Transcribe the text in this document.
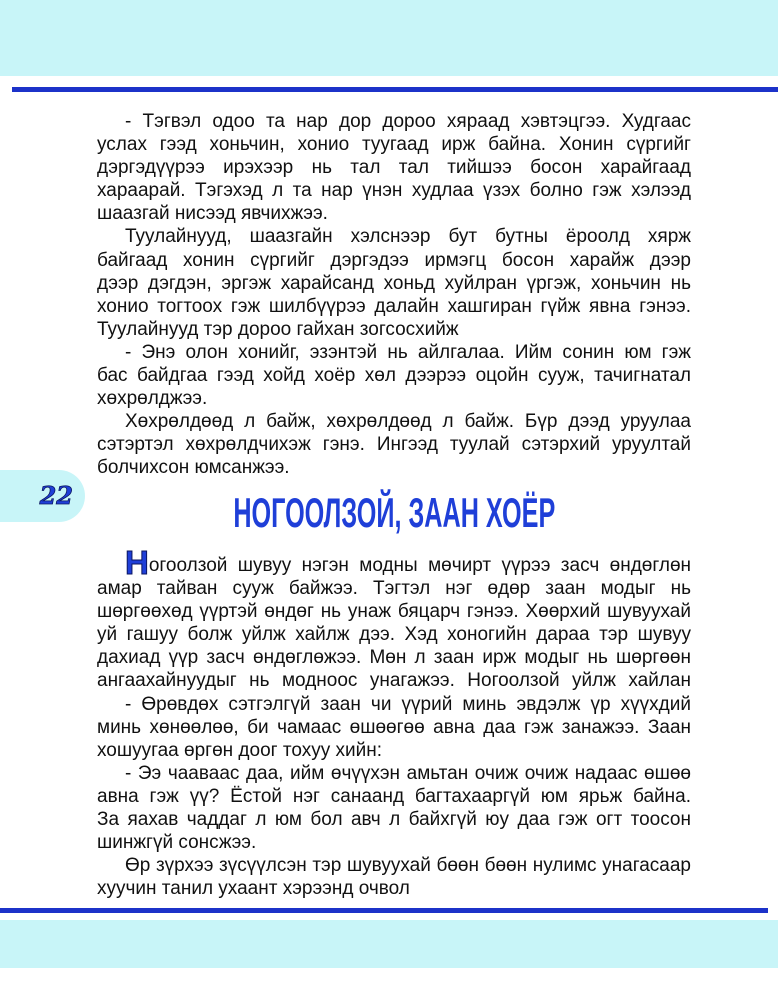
22
- Тэгвэл одоо та нар дор дороо хяраад хэвтэцгээ. Худгаас
услах гээд хоньчин, хонио туугаад ирж байна. Хонин сүргийг
дэргэдүүрээ ирэхээр нь тал тал тийшээ босон харайгаад
хараарай. Тэгэхэд л та нар үнэн худлаа үзэх болно гэж хэлээд
шаазгай нисээд явчихжээ.
Туулайнууд, шаазгайн хэлснээр бут бутны ёроолд хярж
байгаад хонин сүргийг дэргэдээ ирмэгц босон харайж дээр
дээр дэгдэн, эргэж харайсанд хоньд хуйлран үргэж, хоньчин нь
хонио тогтоох гэж шилбүүрээ далайн хашгиран гүйж явна гэнээ.
Туулайнууд тэр дороо гайхан зогсосхийж
- Энэ олон хонийг, эзэнтэй нь айлгалаа. Ийм сонин юм гэж
бас байдгаа гээд хойд хоёр хөл дээрээ оцойн сууж, тачигнатал
хөхрөлджээ.
Хөхрөлдөөд л байж, хөхрөлдөөд л байж. Бүр дээд уруулаа
сэтэртэл хөхрөлдчихэж гэнэ. Ингээд туулай сэтэрхий уруултай
болчихсон юмсанжээ.
НОГООЛЗОЙ, ЗААН ХОЁР
Ногоолзой шувуу нэгэн модны мөчирт үүрээ засч өндөглөн
амар тайван сууж байжээ. Тэгтэл нэг өдөр заан модыг нь
шөргөөхөд үүртэй өндөг нь унаж бяцарч гэнээ. Хөөрхий шувуухай
уй гашуу болж уйлж хайлж дээ. Хэд хоногийн дараа тэр шувуу
дахиад үүр засч өндөглөжээ. Мөн л заан ирж модыг нь шөргөөн
ангаахайнуудыг нь модноос унагажээ. Ногоолзой уйлж хайлан
- Өрөвдөх сэтгэлгүй заан чи үүрий минь эвдэлж үр хүүхдий
минь хөнөөлөө, би чамаас өшөөгөө авна даа гэж занажээ. Заан
хошуугаа өргөн доог тохуу хийн:
- Ээ чааваас даа, ийм өчүүхэн амьтан очиж очиж надаас өшөө
авна гэж үү? Ёстой нэг санаанд багтахааргүй юм ярьж байна.
За яахав чаддаг л юм бол авч л байхгүй юу даа гэж огт тоосон
шинжгүй сонсжээ.
Өр зүрхээ зүсүүлсэн тэр шувуухай бөөн бөөн нулимс унагасаар
хуучин танил ухаант хэрээнд очвол
